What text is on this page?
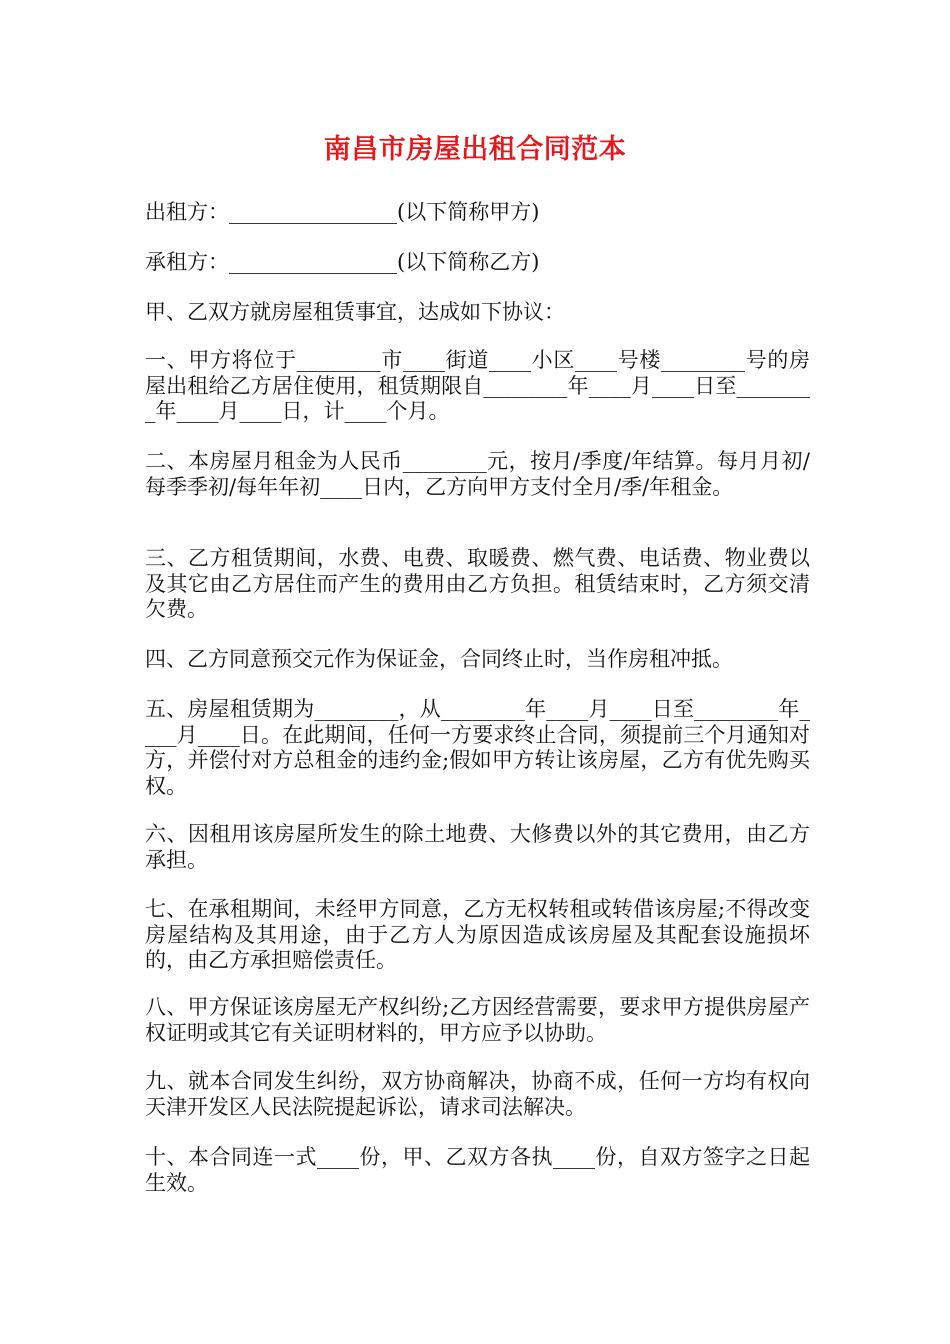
南昌市房屋出租合同范本
出租方：________________(以下简称甲方)
承租方：________________(以下简称乙方)
甲、乙双方就房屋租赁事宜，达成如下协议：
一、甲方将位于________市____街道____小区____号楼________号的房屋出租给乙方居住使用，租赁期限自________年____月____日至________年____月____日，计____个月。
二、本房屋月租金为人民币________元，按月/季度/年结算。每月月初/每季季初/每年年初____日内，乙方向甲方支付全月/季/年租金。
三、乙方租赁期间，水费、电费、取暖费、燃气费、电话费、物业费以及其它由乙方居住而产生的费用由乙方负担。租赁结束时，乙方须交清欠费。
四、乙方同意预交元作为保证金，合同终止时，当作房租冲抵。
五、房屋租赁期为________，从________年____月____日至________年____月____日。在此期间，任何一方要求终止合同，须提前三个月通知对方，并偿付对方总租金的违约金;假如甲方转让该房屋，乙方有优先购买权。
六、因租用该房屋所发生的除土地费、大修费以外的其它费用，由乙方承担。
七、在承租期间，未经甲方同意，乙方无权转租或转借该房屋;不得改变房屋结构及其用途，由于乙方人为原因造成该房屋及其配套设施损坏的，由乙方承担赔偿责任。
八、甲方保证该房屋无产权纠纷;乙方因经营需要，要求甲方提供房屋产权证明或其它有关证明材料的，甲方应予以协助。
九、就本合同发生纠纷，双方协商解决，协商不成，任何一方均有权向天津开发区人民法院提起诉讼，请求司法解决。
十、本合同连一式____份，甲、乙双方各执____份，自双方签字之日起生效。
